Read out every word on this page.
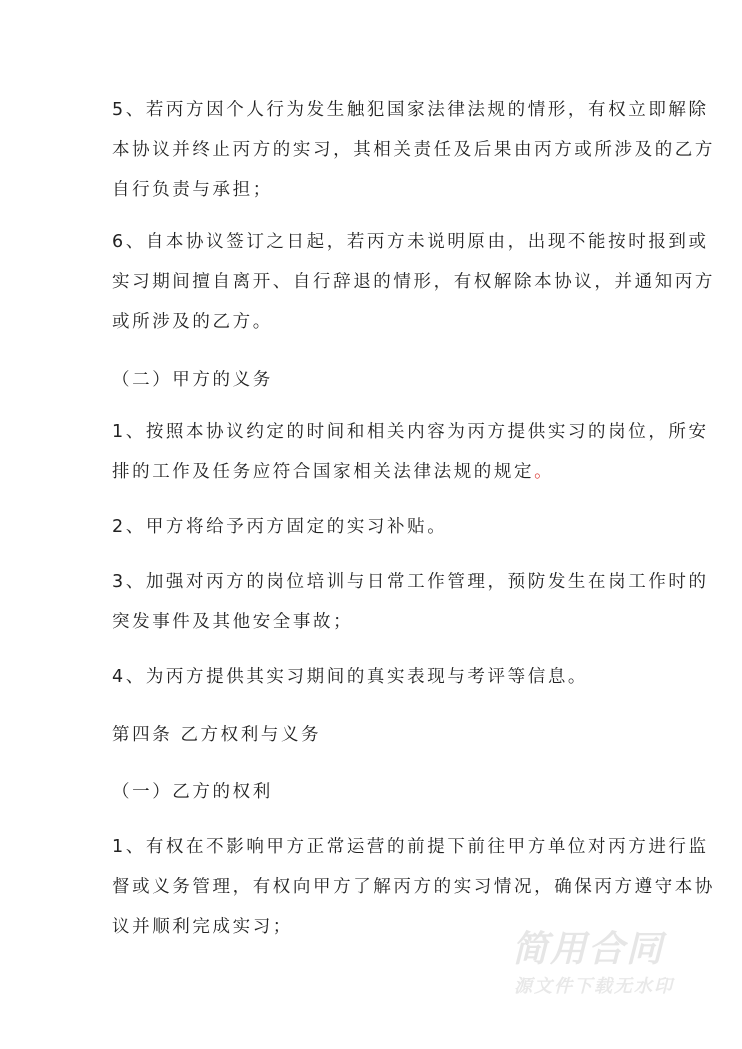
5、若丙方因个人行为发生触犯国家法律法规的情形，有权立即解除
本协议并终止丙方的实习，其相关责任及后果由丙方或所涉及的乙方
自行负责与承担；
6、自本协议签订之日起，若丙方未说明原由，出现不能按时报到或
实习期间擅自离开、自行辞退的情形，有权解除本协议，并通知丙方
或所涉及的乙方。
（二）甲方的义务
1、按照本协议约定的时间和相关内容为丙方提供实习的岗位，所安
排的工作及任务应符合国家相关法律法规的规定。
2、甲方将给予丙方固定的实习补贴。
3、加强对丙方的岗位培训与日常工作管理，预防发生在岗工作时的
突发事件及其他安全事故；
4、为丙方提供其实习期间的真实表现与考评等信息。
第四条 乙方权利与义务
（一）乙方的权利
1、有权在不影响甲方正常运营的前提下前往甲方单位对丙方进行监
督或义务管理，有权向甲方了解丙方的实习情况，确保丙方遵守本协
议并顺利完成实习；
简用合同
源文件下载无水印
